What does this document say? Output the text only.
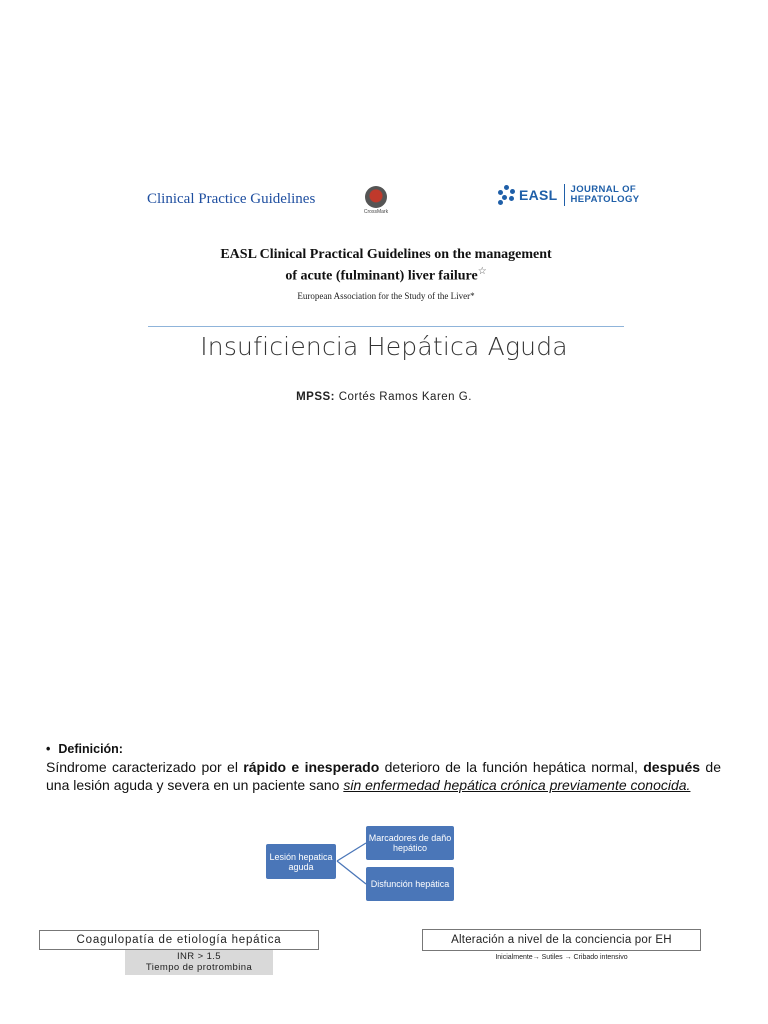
Clinical Practice Guidelines
CrossMark
EASL JOURNAL OF
HEPATOLOGY
EASL Clinical Practical Guidelines on the management
of acute (fulminant) liver failure☆
European Association for the Study of the Liver*
Insuficiencia Hepática Aguda
MPSS: Cortés Ramos Karen G.
• Definición:
Síndrome caracterizado por el rápido e inesperado deterioro de la función hepática normal, después de una lesión aguda y severa en un paciente sano sin enfermedad hepática crónica previamente conocida.
Lesión hepatica aguda
Marcadores de daño hepático
Disfunción hepática
Coagulopatía de etiología hepática
INR > 1.5
Tiempo de protrombina
Alteración a nivel de la conciencia por EH
Inicialmente→ Sutiles → Cribado intensivo
